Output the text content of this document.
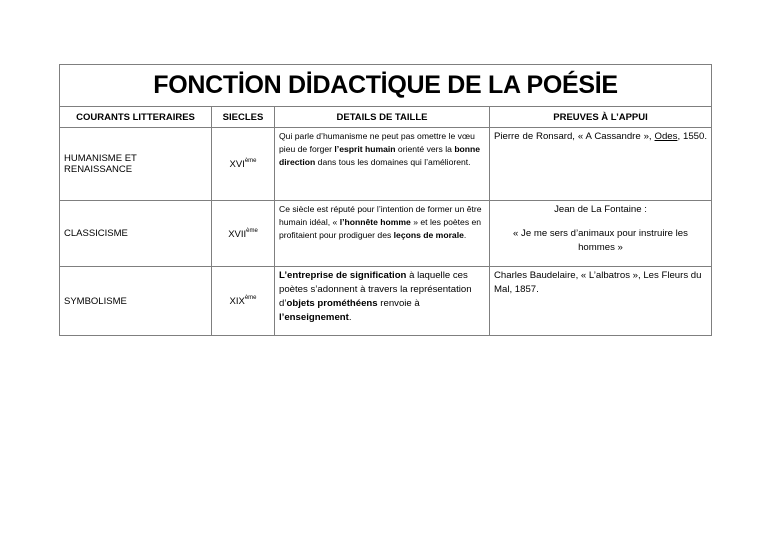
FONCTİON DİDACTİQUE DE LA POÉSİE			
COURANTS LITTERAIRES	SIECLES	DETAILS DE TAILLE	PREUVES À L’APPUI
HUMANISME ET RENAISSANCE	XVIème	Qui parle d’humanisme ne peut pas omettre le vœu pieu de forger l’esprit humain orienté vers la bonne direction dans tous les domaines qui l’améliorent.	Pierre de Ronsard, « A Cassandre », Odes, 1550.
CLASSICISME	XVIIème	Ce siècle est réputé pour l’intention de former un être humain idéal, « l’honnête homme » et les poètes en profitaient pour prodiguer des leçons de morale.	Jean de La Fontaine :
« Je me sers d’animaux pour instruire les hommes »

SYMBOLISME	XIXème	L’entreprise de signification à laquelle ces poètes s’adonnent à travers la représentation d’objets prométhéens renvoie à l’enseignement.	Charles Baudelaire, « L’albatros », Les Fleurs du Mal, 1857.
